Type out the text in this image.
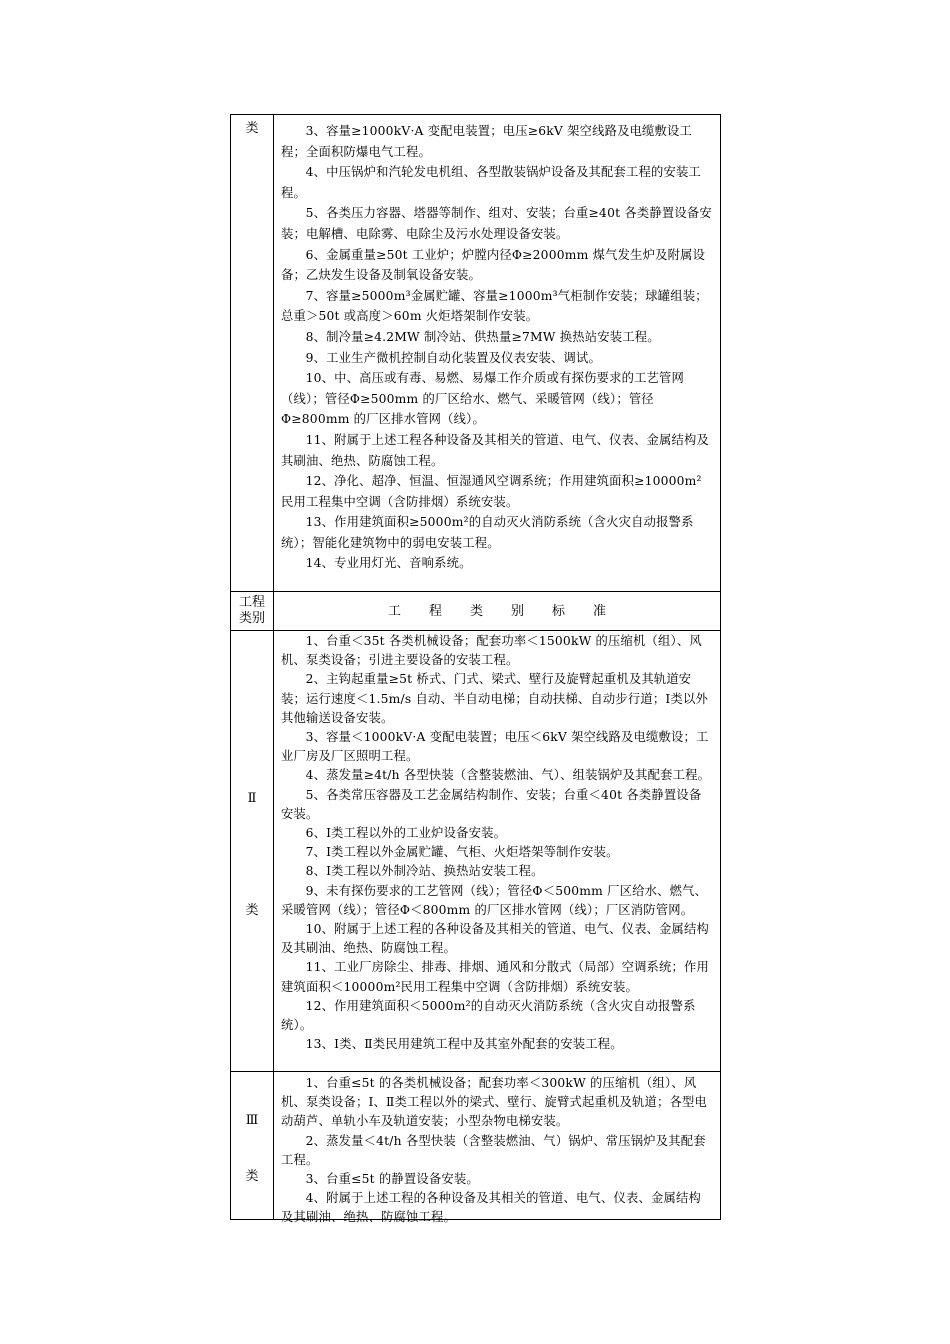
类	3、容量≥1000kV·A 变配电装置；电压≥6kV 架空线路及电缆敷设工程；全面积防爆电气工程。

4、中压锅炉和汽轮发电机组、各型散装锅炉设备及其配套工程的安装工程。

5、各类压力容器、塔器等制作、组对、安装；台重≥40t 各类静置设备安装；电解槽、电除雾、电除尘及污水处理设备安装。

6、金属重量≥50t 工业炉；炉膛内径Φ≥2000mm 煤气发生炉及附属设备；乙炔发生设备及制氧设备安装。

7、容量≥5000m³金属贮罐、容量≥1000m³气柜制作安装；球罐组装；总重＞50t 或高度＞60m 火炬塔架制作安装。

8、制冷量≥4.2MW 制冷站、供热量≥7MW 换热站安装工程。

9、工业生产微机控制自动化装置及仪表安装、调试。

10、中、高压或有毒、易燃、易爆工作介质或有探伤要求的工艺管网（线）；管径Φ≥500mm 的厂区给水、燃气、采暖管网（线）；管径Φ≥800mm 的厂区排水管网（线）。

11、附属于上述工程各种设备及其相关的管道、电气、仪表、金属结构及其刷油、绝热、防腐蚀工程。

12、净化、超净、恒温、恒湿通风空调系统；作用建筑面积≥10000m²民用工程集中空调（含防排烟）系统安装。

13、作用建筑面积≥5000m²的自动灭火消防系统（含火灾自动报警系统）；智能化建筑物中的弱电安装工程。

14、专业用灯光、音响系统。

工程
类别	工 程 类 别 标 准
Ⅱ
类

1、台重＜35t 各类机械设备；配套功率＜1500kW 的压缩机（组）、风机、泵类设备；引进主要设备的安装工程。

2、主钩起重量≥5t 桥式、门式、梁式、壁行及旋臂起重机及其轨道安装；运行速度＜1.5m/s 自动、半自动电梯；自动扶梯、自动步行道；Ⅰ类以外其他输送设备安装。

3、容量＜1000kV·A 变配电装置；电压＜6kV 架空线路及电缆敷设；工业厂房及厂区照明工程。

4、蒸发量≥4t/h 各型快装（含整装燃油、气）、组装锅炉及其配套工程。

5、各类常压容器及工艺金属结构制作、安装；台重＜40t 各类静置设备安装。

6、Ⅰ类工程以外的工业炉设备安装。

7、Ⅰ类工程以外金属贮罐、气柜、火炬塔架等制作安装。

8、Ⅰ类工程以外制冷站、换热站安装工程。

9、未有探伤要求的工艺管网（线）；管径Φ＜500mm 厂区给水、燃气、采暖管网（线）；管径Φ＜800mm 的厂区排水管网（线）；厂区消防管网。

10、附属于上述工程的各种设备及其相关的管道、电气、仪表、金属结构及其刷油、绝热、防腐蚀工程。

11、工业厂房除尘、排毒、排烟、通风和分散式（局部）空调系统；作用建筑面积＜10000m²民用工程集中空调（含防排烟）系统安装。

12、作用建筑面积＜5000m²的自动灭火消防系统（含火灾自动报警系统）。

13、Ⅰ类、Ⅱ类民用建筑工程中及其室外配套的安装工程。

Ⅲ
类

1、台重≤5t 的各类机械设备；配套功率＜300kW 的压缩机（组）、风机、泵类设备；Ⅰ、Ⅱ类工程以外的梁式、壁行、旋臂式起重机及轨道；各型电动葫芦、单轨小车及轨道安装；小型杂物电梯安装。

2、蒸发量＜4t/h 各型快装（含整装燃油、气）锅炉、常压锅炉及其配套工程。

3、台重≤5t 的静置设备安装。

4、附属于上述工程的各种设备及其相关的管道、电气、仪表、金属结构及其刷油、绝热、防腐蚀工程。
